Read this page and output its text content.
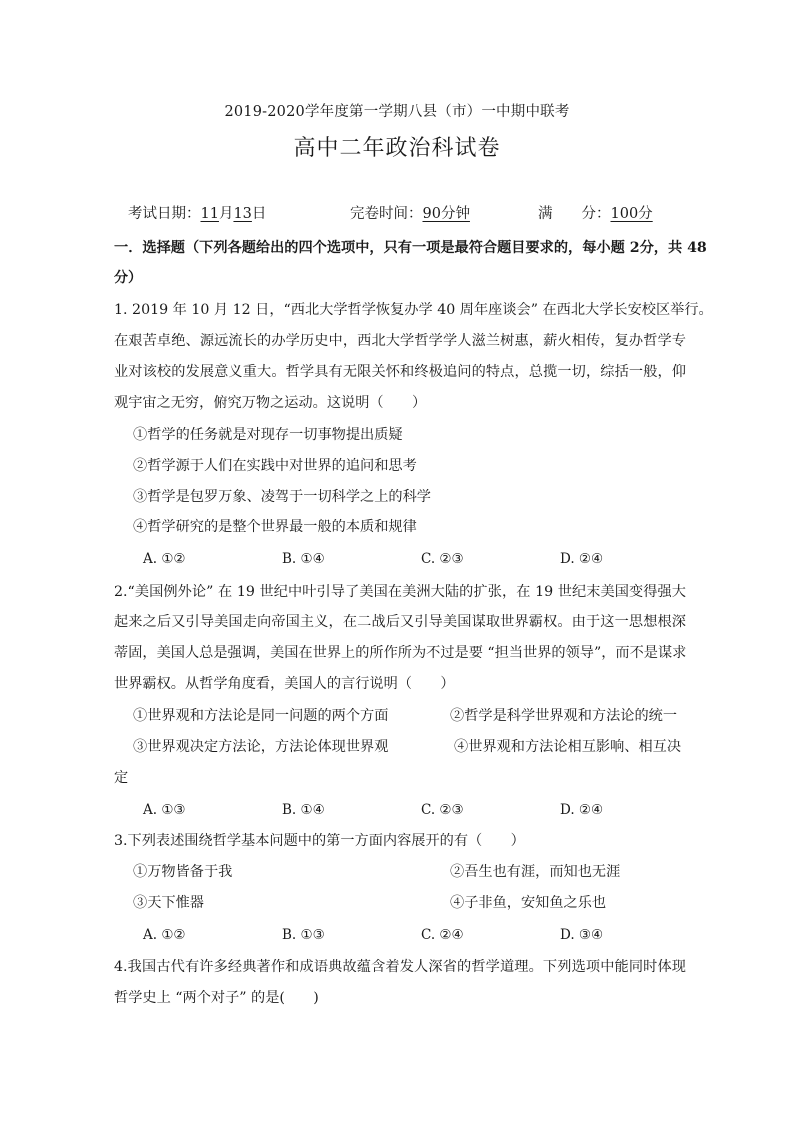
2019-2020学年度第一学期八县（市）一中期中联考
高中二年政治科试卷
考试日期：11月13日	完卷时间：90分钟	满　　分：100分
一．选择题（下列各题给出的四个选项中，只有一项是最符合题目要求的，每小题 2分，共 48
分）
1. 2019 年 10 月 12 日，“西北大学哲学恢复办学 40 周年座谈会” 在西北大学长安校区举行。
在艰苦卓绝、源远流长的办学历史中，西北大学哲学学人滋兰树惠，薪火相传，复办哲学专
业对该校的发展意义重大。哲学具有无限关怀和终极追问的特点，总揽一切，综括一般，仰
观宇宙之无穷，俯究万物之运动。这说明（　　）
①哲学的任务就是对现存一切事物提出质疑
②哲学源于人们在实践中对世界的追问和思考
③哲学是包罗万象、凌驾于一切科学之上的科学
④哲学研究的是整个世界最一般的本质和规律
A. ①②	B. ①④	C. ②③	D. ②④
2.“美国例外论” 在 19 世纪中叶引导了美国在美洲大陆的扩张，在 19 世纪末美国变得强大
起来之后又引导美国走向帝国主义，在二战后又引导美国谋取世界霸权。由于这一思想根深
蒂固，美国人总是强调，美国在世界上的所作所为不过是要 “担当世界的领导”，而不是谋求
世界霸权。从哲学角度看，美国人的言行说明（　　）
①世界观和方法论是同一问题的两个方面	②哲学是科学世界观和方法论的统一
③世界观决定方法论，方法论体现世界观	④世界观和方法论相互影响、相互决
定
A. ①③	B. ①④	C. ②③	D. ②④
3.下列表述围绕哲学基本问题中的第一方面内容展开的有（　　）
①万物皆备于我	②吾生也有涯，而知也无涯
③天下惟器	④子非鱼，安知鱼之乐也
A. ①②	B. ①③	C. ②④	D. ③④
4.我国古代有许多经典著作和成语典故蕴含着发人深省的哲学道理。下列选项中能同时体现
哲学史上 “两个对子” 的是(　　)
